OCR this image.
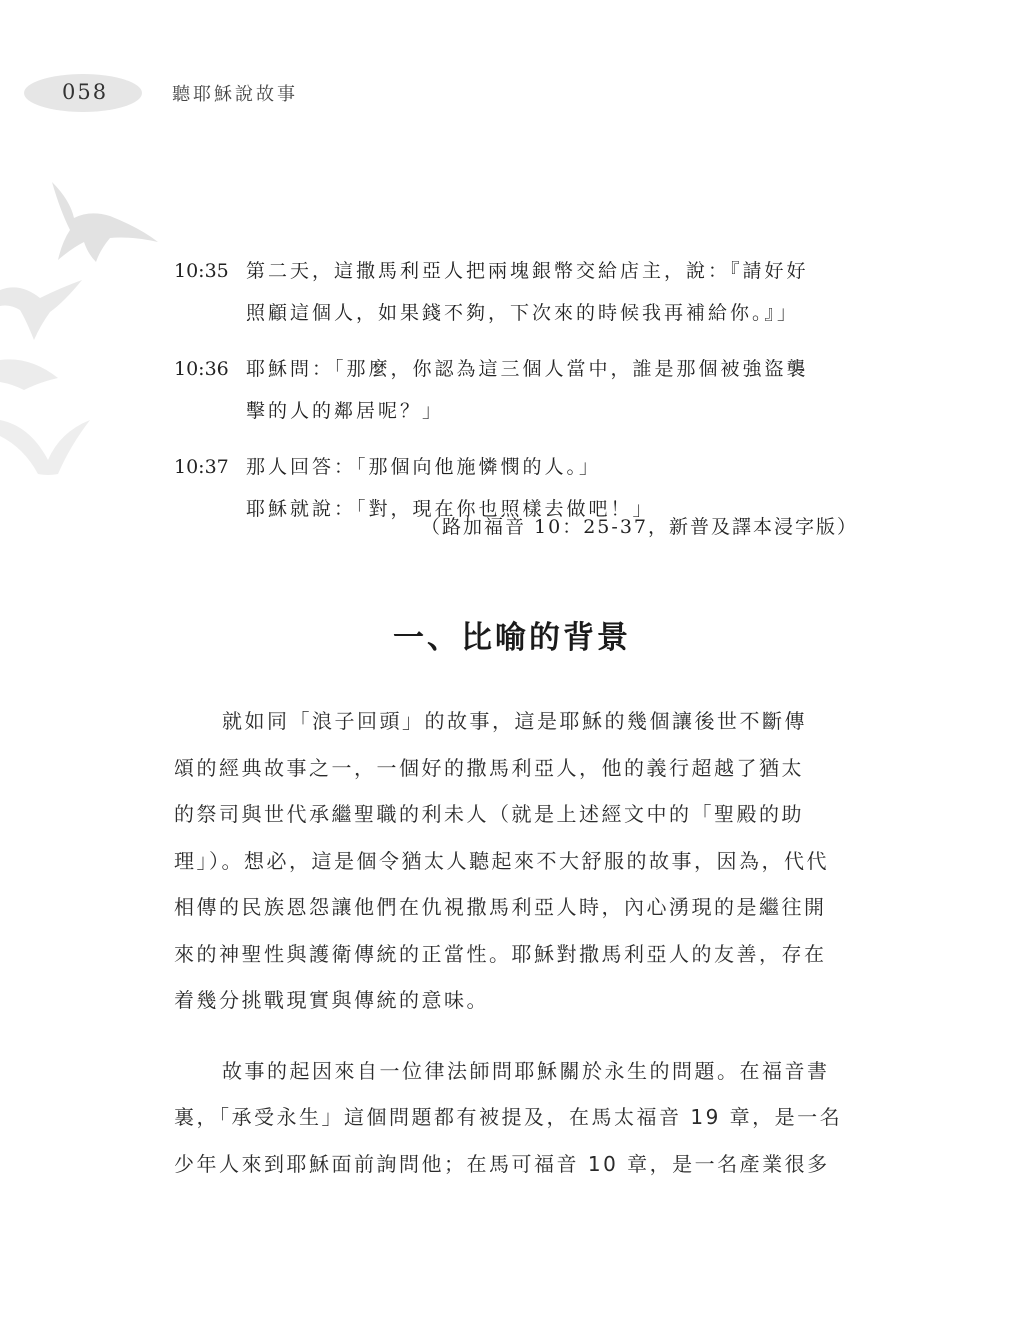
058	聽耶穌說故事
10:35 第二天，這撒馬利亞人把兩塊銀幣交給店主，說：『請好好
照顧這個人，如果錢不夠，下次來的時候我再補給你。』」
10:36 耶穌問：「那麼，你認為這三個人當中，誰是那個被強盜襲
擊的人的鄰居呢？」
10:37 那人回答：「那個向他施憐憫的人。」
耶穌就說：「對，現在你也照樣去做吧！」
（路加福音 10：25-37，新普及譯本浸字版）
一、比喻的背景
就如同「浪子回頭」的故事，這是耶穌的幾個讓後世不斷傳
頌的經典故事之一，一個好的撒馬利亞人，他的義行超越了猶太
的祭司與世代承繼聖職的利未人（就是上述經文中的「聖殿的助
理」）。想必，這是個令猶太人聽起來不大舒服的故事，因為，代代
相傳的民族恩怨讓他們在仇視撒馬利亞人時，內心湧現的是繼往開
來的神聖性與護衛傳統的正當性。耶穌對撒馬利亞人的友善，存在
着幾分挑戰現實與傳統的意味。
故事的起因來自一位律法師問耶穌關於永生的問題。在福音書
裏，「承受永生」這個問題都有被提及，在馬太福音 19 章，是一名
少年人來到耶穌面前詢問他；在馬可福音 10 章，是一名產業很多
